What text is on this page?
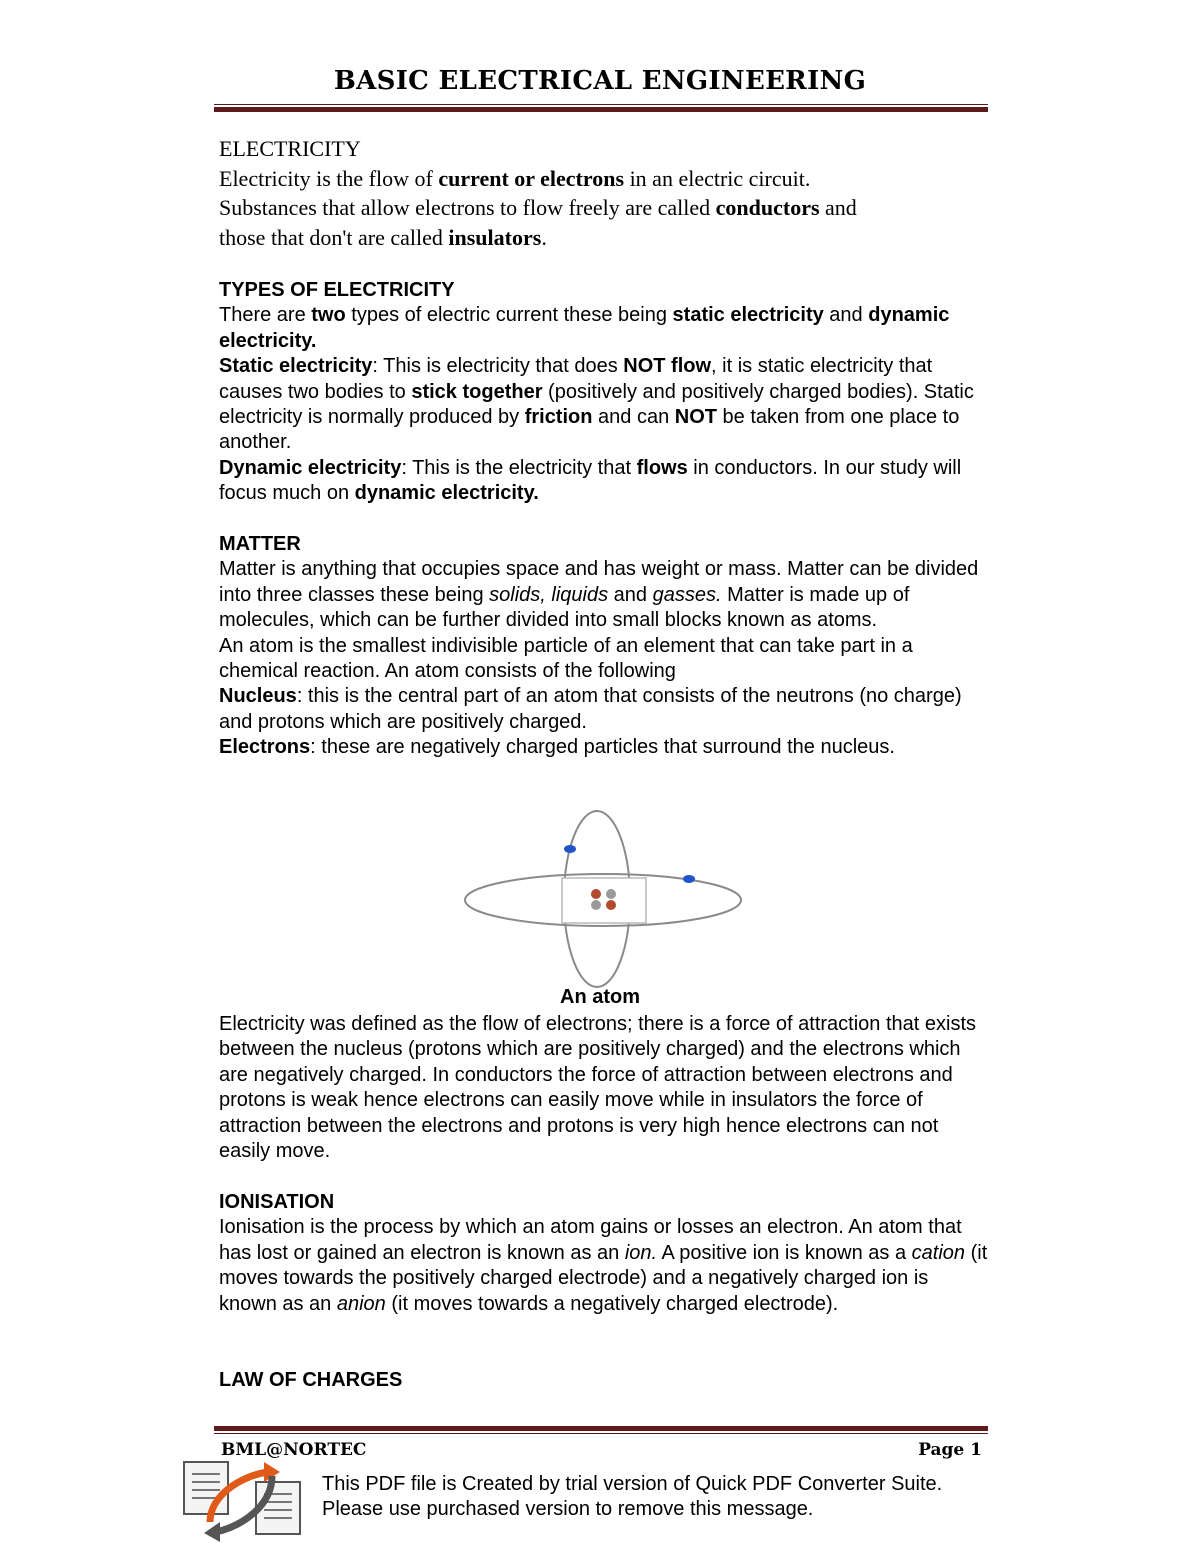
BASIC ELECTRICAL ENGINEERING

ELECTRICITY

Electricity is the flow of current or electrons in an electric circuit.

Substances that allow electrons to flow freely are called conductors and

those that don't are called insulators.

TYPES OF ELECTRICITY

There are two types of electric current these being static electricity and dynamic electricity.

Static electricity: This is electricity that does NOT flow, it is static electricity that causes two bodies to stick together (positively and positively charged bodies). Static electricity is normally produced by friction and can NOT be taken from one place to another.

Dynamic electricity: This is the electricity that flows in conductors. In our study will focus much on dynamic electricity.

MATTER

Matter is anything that occupies space and has weight or mass. Matter can be divided into three classes these being solids, liquids and gasses. Matter is made up of molecules, which can be further divided into small blocks known as atoms.

An atom is the smallest indivisible particle of an element that can take part in a chemical reaction. An atom consists of the following

Nucleus: this is the central part of an atom that consists of the neutrons (no charge) and protons which are positively charged.

Electrons: these are negatively charged particles that surround the nucleus.

An atom

Electricity was defined as the flow of electrons; there is a force of attraction that exists between the nucleus (protons which are positively charged) and the electrons which are negatively charged. In conductors the force of attraction between electrons and protons is weak hence electrons can easily move while in insulators the force of attraction between the electrons and protons is very high hence electrons can not easily move.

IONISATION

Ionisation is the process by which an atom gains or losses an electron. An atom that has lost or gained an electron is known as an ion. A positive ion is known as a cation (it moves towards the positively charged electrode) and a negatively charged ion is known as an anion (it moves towards a negatively charged electrode).

LAW OF CHARGES

BML@NORTEC	Page 1
This PDF file is Created by trial version of Quick PDF Converter Suite.
Please use purchased version to remove this message.
